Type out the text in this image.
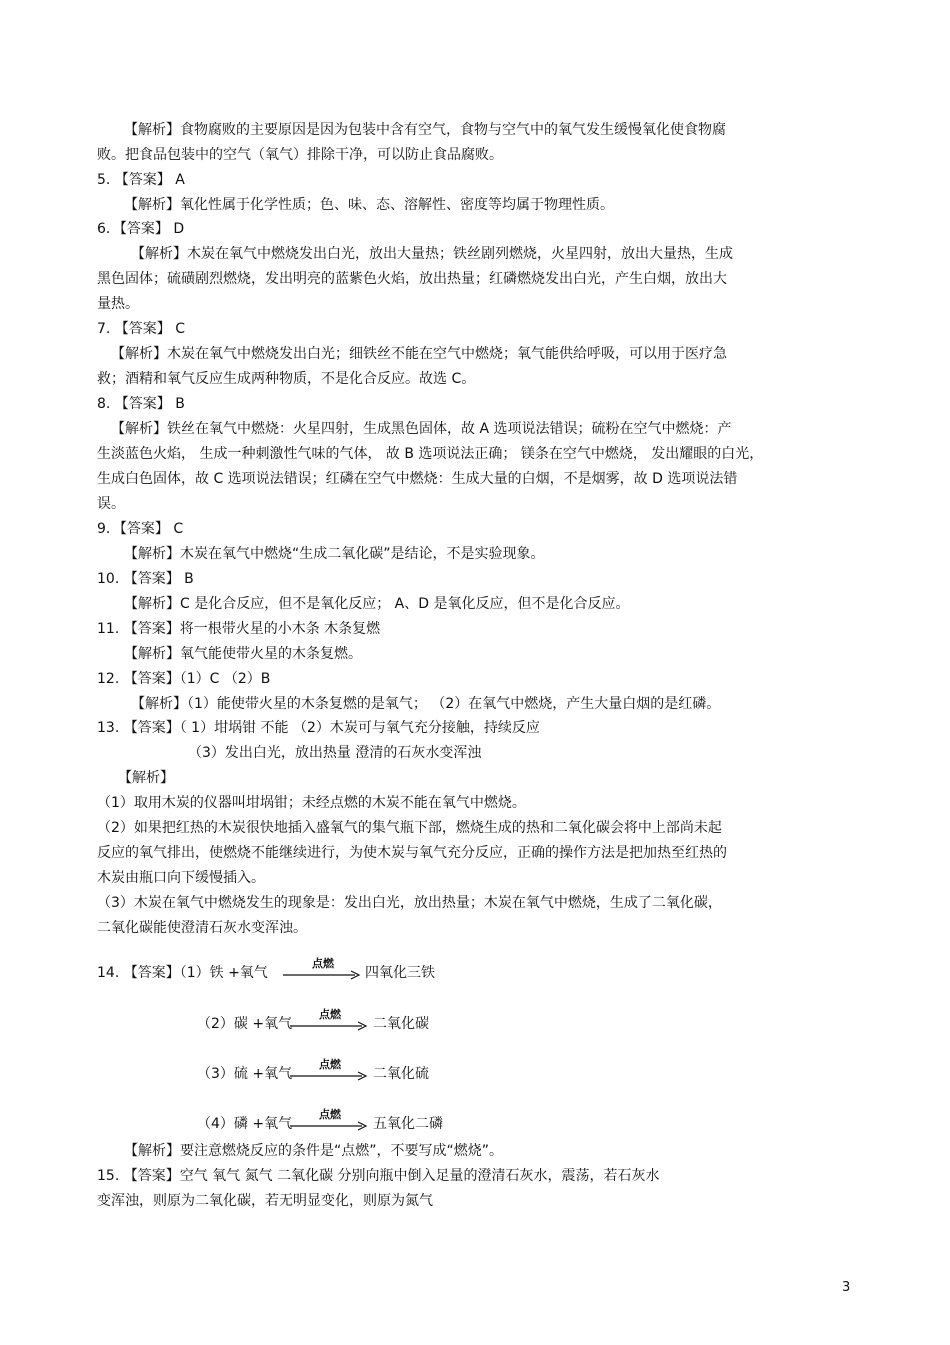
【解析】食物腐败的主要原因是因为包装中含有空气，食物与空气中的氧气发生缓慢氧化使食物腐
败。把食品包装中的空气（氧气）排除干净，可以防止食品腐败。
5. 【答案】 A
【解析】氧化性属于化学性质；色、味、态、溶解性、密度等均属于物理性质。
6．【答案】 D
【解析】木炭在氧气中燃烧发出白光，放出大量热；铁丝剧列燃烧，火星四射，放出大量热，生成
黑色固体；硫磺剧烈燃烧，发出明亮的蓝紫色火焰，放出热量；红磷燃烧发出白光，产生白烟，放出大
量热。
7. 【答案】 C
【解析】木炭在氧气中燃烧发出白光；细铁丝不能在空气中燃烧；氧气能供给呼吸，可以用于医疗急
救；酒精和氧气反应生成两种物质，不是化合反应。故选 C。
8. 【答案】 B
【解析】铁丝在氧气中燃烧：火星四射，生成黑色固体，故 A 选项说法错误；硫粉在空气中燃烧：产
生淡蓝色火焰， 生成一种刺激性气味的气体， 故 B 选项说法正确； 镁条在空气中燃烧， 发出耀眼的白光，
生成白色固体，故 C 选项说法错误；红磷在空气中燃烧：生成大量的白烟，不是烟雾，故 D 选项说法错
误。
9．【答案】 C
【解析】木炭在氧气中燃烧“生成二氧化碳”是结论，不是实验现象。
10. 【答案】 B
【解析】C 是化合反应，但不是氧化反应； A、D 是氧化反应，但不是化合反应。
11. 【答案】将一根带火星的小木条 木条复燃
【解析】氧气能使带火星的木条复燃。
12. 【答案】（1）C （2）B
【解析】（1）能使带火星的木条复燃的是氧气； （2）在氧气中燃烧，产生大量白烟的是红磷。
13. 【答案】（ 1）坩埚钳 不能 （2）木炭可与氧气充分接触，持续反应
（3）发出白光，放出热量 澄清的石灰水变浑浊
【解析】
（1）取用木炭的仪器叫坩埚钳；未经点燃的木炭不能在氧气中燃烧。
（2）如果把红热的木炭很快地插入盛氧气的集气瓶下部，燃烧生成的热和二氧化碳会将中上部尚未起
反应的氧气排出，使燃烧不能继续进行，为使木炭与氧气充分反应，正确的操作方法是把加热至红热的
木炭由瓶口向下缓慢插入。
（3）木炭在氧气中燃烧发生的现象是：发出白光，放出热量；木炭在氧气中燃烧，生成了二氧化碳，
二氧化碳能使澄清石灰水变浑浊。
14. 【答案】（1）铁 +氧气
点燃
四氧化三铁
（2）碳 +氧气
点燃
二氧化碳
（3）硫 +氧气
点燃
二氧化硫
（4）磷 +氧气
点燃
五氧化二磷
【解析】要注意燃烧反应的条件是“点燃”，不要写成“燃烧”。
15. 【答案】空气 氧气 氮气 二氧化碳 分别向瓶中倒入足量的澄清石灰水，震荡，若石灰水
变浑浊，则原为二氧化碳，若无明显变化，则原为氮气
3
